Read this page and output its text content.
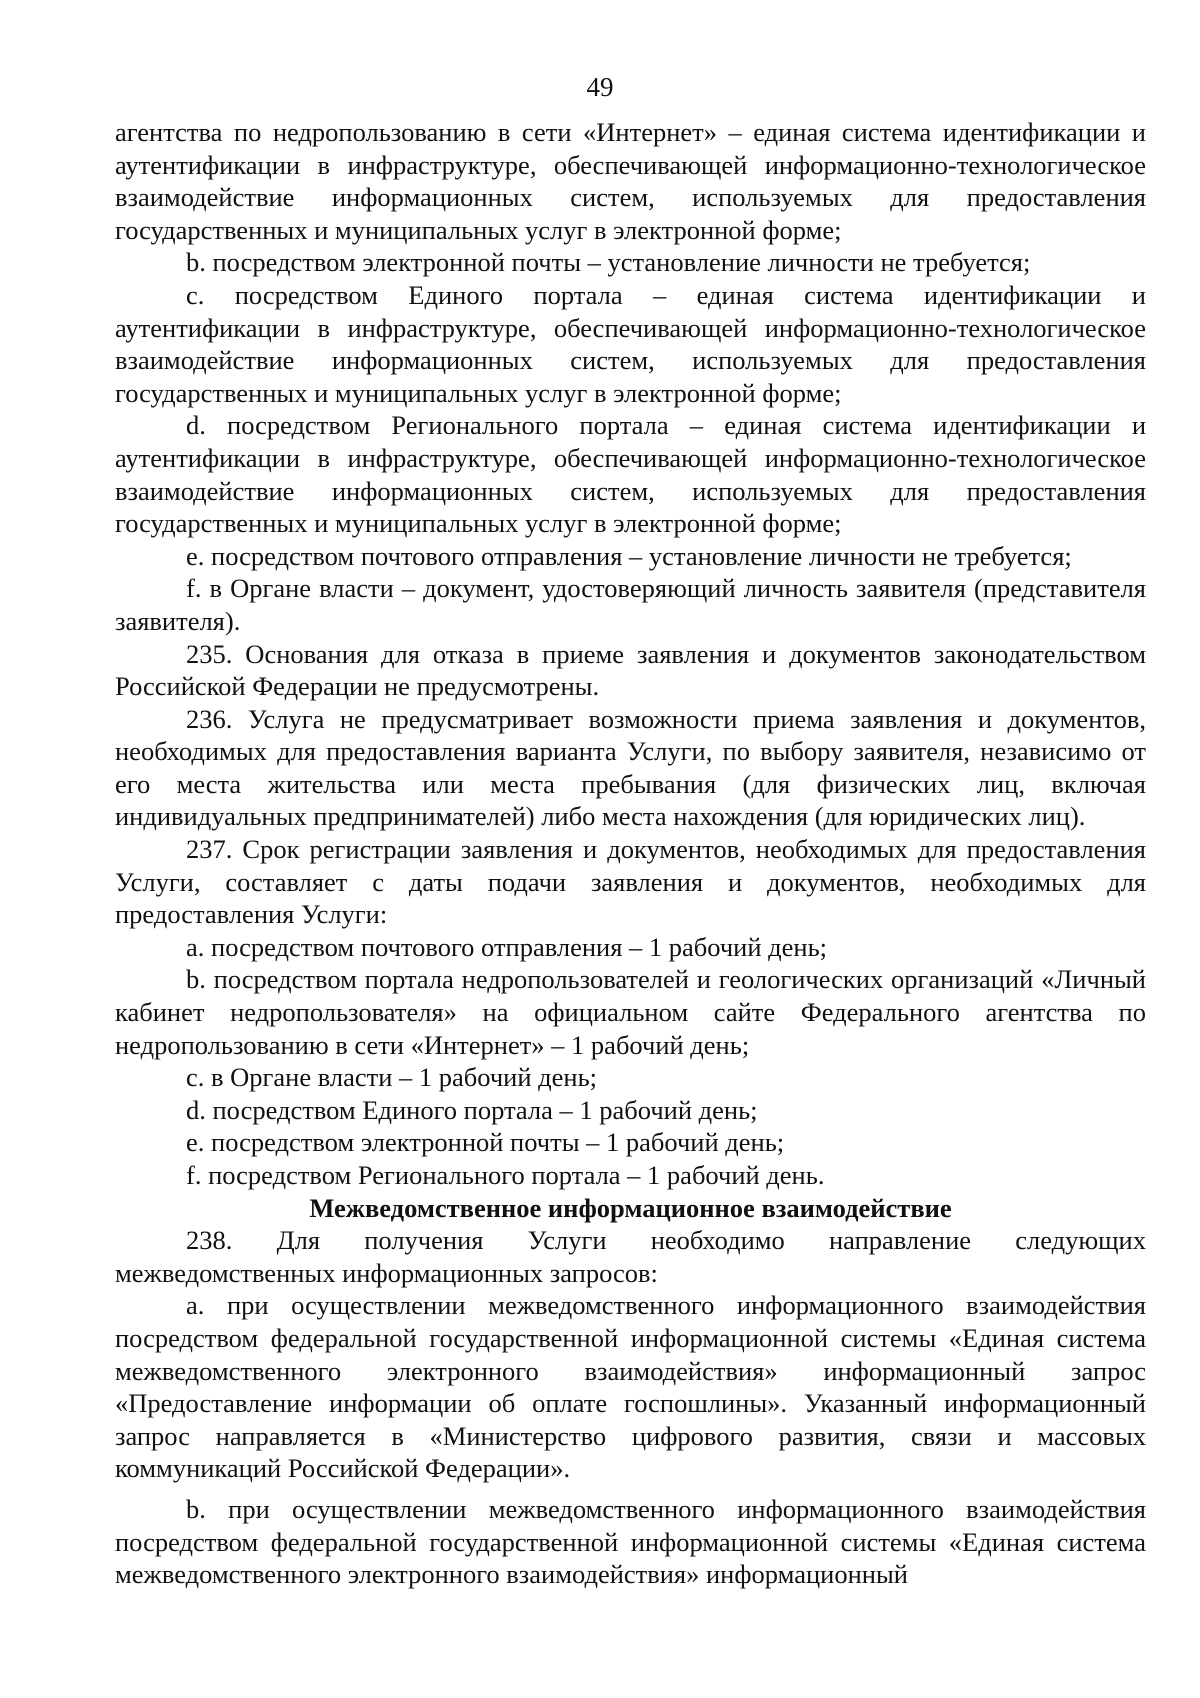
49

агентства по недропользованию в сети «Интернет» – единая система идентификации и аутентификации в инфраструктуре, обеспечивающей информационно-технологическое взаимодействие информационных систем, используемых для предоставления государственных и муниципальных услуг в электронной форме;

b. посредством электронной почты – установление личности не требуется;

c. посредством Единого портала – единая система идентификации и аутентификации в инфраструктуре, обеспечивающей информационно-технологическое взаимодействие информационных систем, используемых для предоставления государственных и муниципальных услуг в электронной форме;

d. посредством Регионального портала – единая система идентификации и аутентификации в инфраструктуре, обеспечивающей информационно-технологическое взаимодействие информационных систем, используемых для предоставления государственных и муниципальных услуг в электронной форме;

e. посредством почтового отправления – установление личности не требуется;

f. в Органе власти – документ, удостоверяющий личность заявителя (представителя заявителя).

235. Основания для отказа в приеме заявления и документов законодательством Российской Федерации не предусмотрены.

236. Услуга не предусматривает возможности приема заявления и документов, необходимых для предоставления варианта Услуги, по выбору заявителя, независимо от его места жительства или места пребывания (для физических лиц, включая индивидуальных предпринимателей) либо места нахождения (для юридических лиц).

237. Срок регистрации заявления и документов, необходимых для предоставления Услуги, составляет с даты подачи заявления и документов, необходимых для предоставления Услуги:

a. посредством почтового отправления – 1 рабочий день;

b. посредством портала недропользователей и геологических организаций «Личный кабинет недропользователя» на официальном сайте Федерального агентства по недропользованию в сети «Интернет» – 1 рабочий день;

c. в Органе власти – 1 рабочий день;

d. посредством Единого портала – 1 рабочий день;

e. посредством электронной почты – 1 рабочий день;

f. посредством Регионального портала – 1 рабочий день.

Межведомственное информационное взаимодействие

238. Для получения Услуги необходимо направление следующих межведомственных информационных запросов:

a. при осуществлении межведомственного информационного взаимодействия посредством федеральной государственной информационной системы «Единая система межведомственного электронного взаимодействия» информационный запрос «Предоставление информации об оплате госпошлины». Указанный информационный запрос направляется в «Министерство цифрового развития, связи и массовых коммуникаций Российской Федерации».

b. при осуществлении межведомственного информационного взаимодействия посредством федеральной государственной информационной системы «Единая система межведомственного электронного взаимодействия» информационный
